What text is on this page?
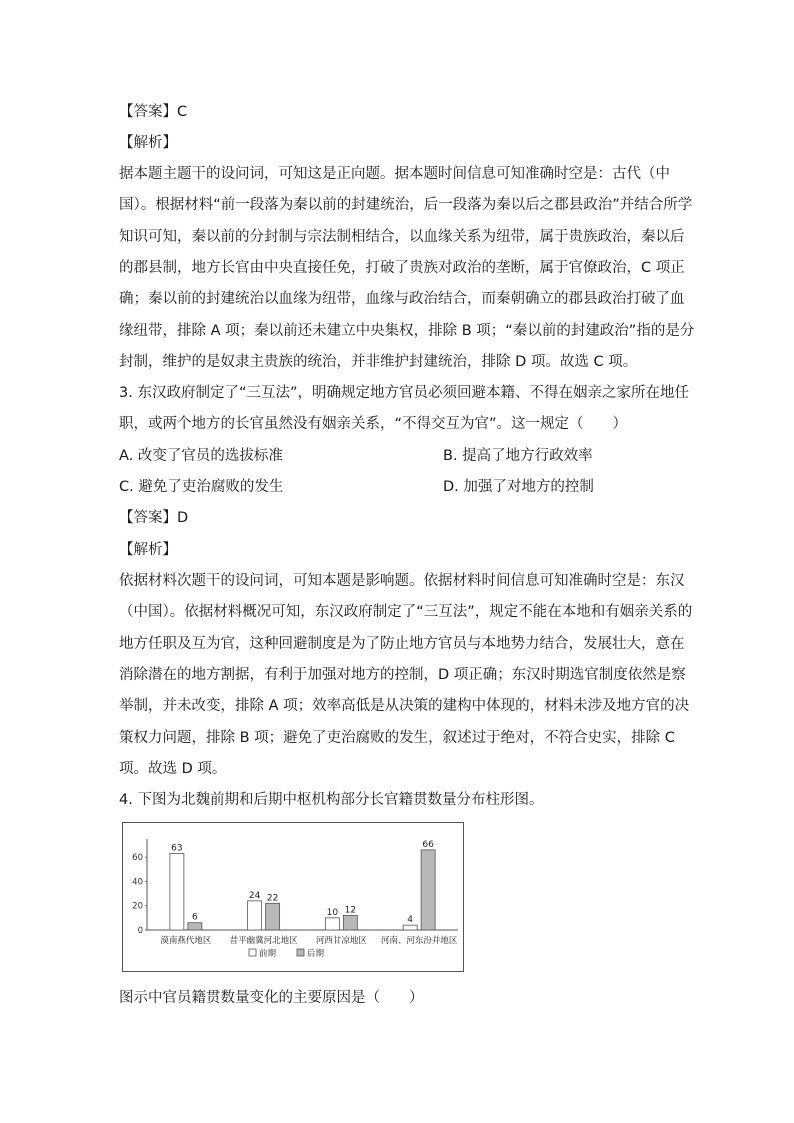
【答案】C
【解析】
据本题主题干的设问词，可知这是正向题。据本题时间信息可知准确时空是：古代（中
国）。根据材料“前一段落为秦以前的封建统治，后一段落为秦以后之郡县政治”并结合所学
知识可知，秦以前的分封制与宗法制相结合，以血缘关系为纽带，属于贵族政治，秦以后
的郡县制，地方长官由中央直接任免，打破了贵族对政治的垄断，属于官僚政治，C 项正
确；秦以前的封建统治以血缘为纽带，血缘与政治结合，而秦朝确立的郡县政治打破了血
缘纽带，排除 A 项；秦以前还未建立中央集权，排除 B 项；“秦以前的封建政治”指的是分
封制，维护的是奴隶主贵族的统治，并非维护封建统治，排除 D 项。故选 C 项。
3. 东汉政府制定了“三互法”，明确规定地方官员必须回避本籍、不得在姻亲之家所在地任
职，或两个地方的长官虽然没有姻亲关系，“不得交互为官”。这一规定（　　）
A. 改变了官员的选拔标准	B. 提高了地方行政效率
C. 避免了吏治腐败的发生	D. 加强了对地方的控制
【答案】D
【解析】
依据材料次题干的设问词，可知本题是影响题。依据材料时间信息可知准确时空是：东汉
（中国）。依据材料概况可知，东汉政府制定了“三互法”，规定不能在本地和有姻亲关系的
地方任职及互为官，这种回避制度是为了防止地方官员与本地势力结合，发展壮大，意在
消除潜在的地方割据，有利于加强对地方的控制，D 项正确；东汉时期选官制度依然是察
举制，并未改变，排除 A 项；效率高低是从决策的建构中体现的，材料未涉及地方官的决
策权力问题，排除 B 项；避免了吏治腐败的发生，叙述过于绝对，不符合史实，排除 C
项。故选 D 项。
4. 下图为北魏前期和后期中枢机构部分长官籍贯数量分布柱形图。
0
20
40
60
63
6
漠南燕代地区
24 22
昔平幽冀河北地区
10 12
河西甘凉地区
4
66
河南、河东汾并地区
前期	后期
图示中官员籍贯数量变化的主要原因是（　　）
